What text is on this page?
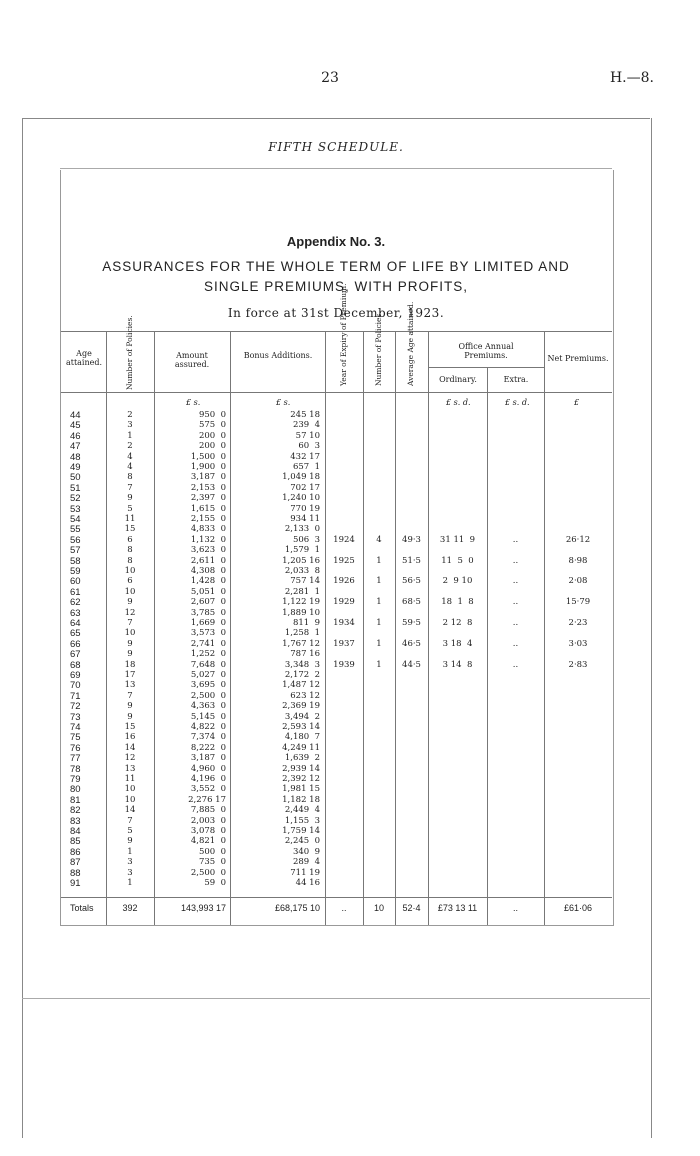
23	H.—8.
FIFTH SCHEDULE.
Appendix No. 3.
ASSURANCES FOR THE WHOLE TERM OF LIFE BY LIMITED AND
SINGLE PREMIUMS, WITH PROFITS,
In force at 31st December, 1923.
Age attained.	Number of Policies.	Amount assured.
Bonus Additions.	Year of Expiry of Premium.	Number of Policies.	Average Age attained.	Office Annual Premiums.
Ordinary.	Extra.
Net Premiums.
£ s.	£ s.	£ s. d.	£ s. d.	£
44	2	950  0	245 18
45	3	575  0	239  4
46	1	200  0	57 10
47	2	200  0	60  3
48	4	1,500  0	432 17
49	4	1,900  0	657  1
50	8	3,187  0	1,049 18
51	7	2,153  0	702 17
52	9	2,397  0	1,240 10
53	5	1,615  0	770 19
54	11	2,155  0	934 11
55	15	4,833  0	2,133  0
56	6	1,132  0	506  3	1924	4	49·3	31 11  9	..	26·12
57	8	3,623  0	1,579  1
58	8	2,611  0	1,205 16	1925	1	51·5	11  5  0	..	8·98
59	10	4,308  0	2,033  8
60	6	1,428  0	757 14	1926	1	56·5	2  9 10	..	2·08
61	10	5,051  0	2,281  1
62	9	2,607  0	1,122 19	1929	1	68·5	18  1  8	..	15·79
63	12	3,785  0	1,889 10
64	7	1,669  0	811  9	1934	1	59·5	2 12  8	..	2·23
65	10	3,573  0	1,258  1
66	9	2,741  0	1,767 12	1937	1	46·5	3 18  4	..	3·03
67	9	1,252  0	787 16
68	18	7,648  0	3,348  3	1939	1	44·5	3 14  8	..	2·83
69	17	5,027  0	2,172  2
70	13	3,695  0	1,487 12
71	7	2,500  0	623 12
72	9	4,363  0	2,369 19
73	9	5,145  0	3,494  2
74	15	4,822  0	2,593 14
75	16	7,374  0	4,180  7
76	14	8,222  0	4,249 11
77	12	3,187  0	1,639  2
78	13	4,960  0	2,939 14
79	11	4,196  0	2,392 12
80	10	3,552  0	1,981 15
81	10	2,276 17	1,182 18
82	14	7,885  0	2,449  4
83	7	2,003  0	1,155  3
84	5	3,078  0	1,759 14
85	9	4,821  0	2,245  0
86	1	500  0	340  9
87	3	735  0	289  4
88	3	2,500  0	711 19
91	1	59  0	44 16
Totals	392	143,993 17	£68,175 10	..	10	52·4	£73 13 11	..	£61·06
